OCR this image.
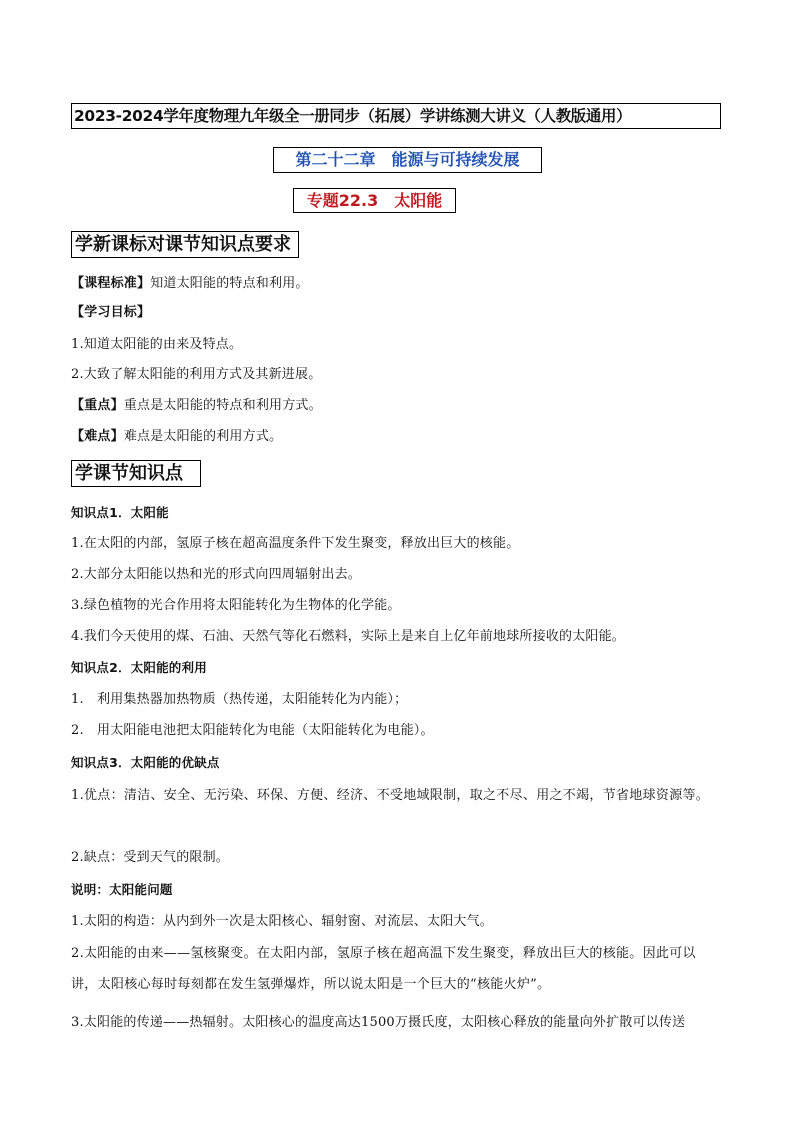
2023-2024学年度物理九年级全一册同步（拓展）学讲练测大讲义（人教版通用）
第二十二章　能源与可持续发展
专题22.3　太阳能
学新课标对课节知识点要求
【课程标准】知道太阳能的特点和利用。
【学习目标】
1.知道太阳能的由来及特点。
2.大致了解太阳能的利用方式及其新进展。
【重点】重点是太阳能的特点和利用方式。
【难点】难点是太阳能的利用方式。
学课节知识点
知识点1．太阳能
1.在太阳的内部，氢原子核在超高温度条件下发生聚变，释放出巨大的核能。
2.大部分太阳能以热和光的形式向四周辐射出去。
3.绿色植物的光合作用将太阳能转化为生物体的化学能。
4.我们今天使用的煤、石油、天然气等化石燃料，实际上是来自上亿年前地球所接收的太阳能。
知识点2．太阳能的利用
1.　利用集热器加热物质（热传递，太阳能转化为内能）；
2.　用太阳能电池把太阳能转化为电能（太阳能转化为电能）。
知识点3．太阳能的优缺点
1.优点：清洁、安全、无污染、环保、方便、经济、不受地域限制，取之不尽、用之不竭，节省地球资源等。
2.缺点：受到天气的限制。
说明：太阳能问题
1.太阳的构造：从内到外一次是太阳核心、辐射窗、对流层、太阳大气。
2.太阳能的由来——氢核聚变。在太阳内部，氢原子核在超高温下发生聚变，释放出巨大的核能。因此可以讲，太阳核心每时每刻都在发生氢弹爆炸，所以说太阳是一个巨大的“核能火炉”。
3.太阳能的传递——热辐射。太阳核心的温度高达1500万摄氏度，太阳核心释放的能量向外扩散可以传送
